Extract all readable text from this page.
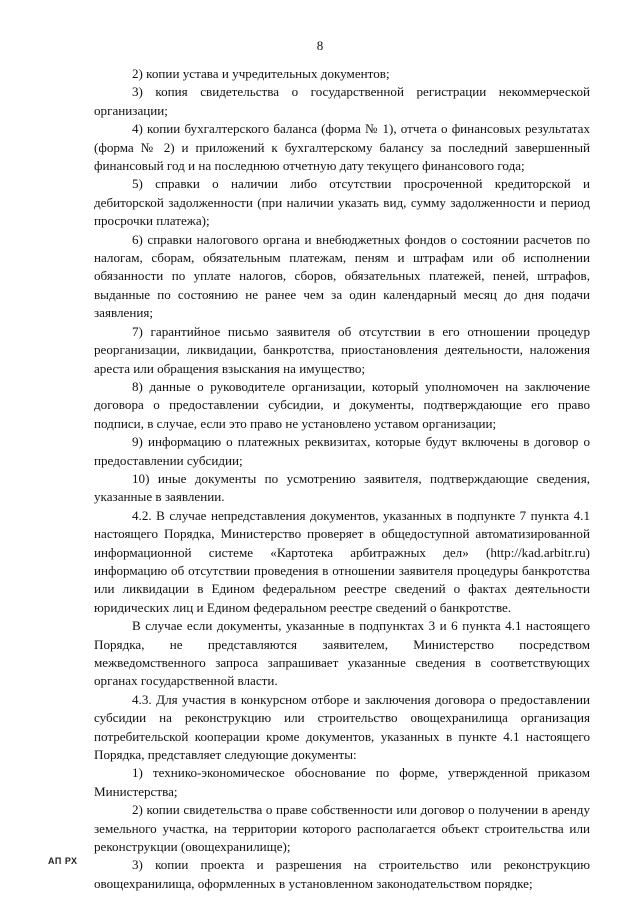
8

2) копии устава и учредительных документов;

3) копия свидетельства о государственной регистрации некоммерческой организации;

4) копии бухгалтерского баланса (форма № 1), отчета о финансовых результатах (форма № 2) и приложений к бухгалтерскому балансу за последний завершенный финансовый год и на последнюю отчетную дату текущего финансового года;

5) справки о наличии либо отсутствии просроченной кредиторской и дебиторской задолженности (при наличии указать вид, сумму задолженности и период просрочки платежа);

6) справки налогового органа и внебюджетных фондов о состоянии расчетов по налогам, сборам, обязательным платежам, пеням и штрафам или об исполнении обязанности по уплате налогов, сборов, обязательных платежей, пеней, штрафов, выданные по состоянию не ранее чем за один календарный месяц до дня подачи заявления;

7) гарантийное письмо заявителя об отсутствии в его отношении процедур реорганизации, ликвидации, банкротства, приостановления деятельности, наложения ареста или обращения взыскания на имущество;

8) данные о руководителе организации, который уполномочен на заключение договора о предоставлении субсидии, и документы, подтверждающие его право подписи, в случае, если это право не установлено уставом организации;

9) информацию о платежных реквизитах, которые будут включены в договор о предоставлении субсидии;

10) иные документы по усмотрению заявителя, подтверждающие сведения, указанные в заявлении.

4.2. В случае непредставления документов, указанных в подпункте 7 пункта 4.1 настоящего Порядка, Министерство проверяет в общедоступной автоматизированной информационной системе «Картотека арбитражных дел» (http://kad.arbitr.ru) информацию об отсутствии проведения в отношении заявителя процедуры банкротства или ликвидации в Едином федеральном реестре сведений о фактах деятельности юридических лиц и Едином федеральном реестре сведений о банкротстве.

В случае если документы, указанные в подпунктах 3 и 6 пункта 4.1 настоящего Порядка, не представляются заявителем, Министерство посредством межведомственного запроса запрашивает указанные сведения в соответствующих органах государственной власти.

4.3. Для участия в конкурсном отборе и заключения договора о предоставлении субсидии на реконструкцию или строительство овощехранилища организация потребительской кооперации кроме документов, указанных в пункте 4.1 настоящего Порядка, представляет следующие документы:

1) технико-экономическое обоснование по форме, утвержденной приказом Министерства;

2) копии свидетельства о праве собственности или договор о получении в аренду земельного участка, на территории которого располагается объект строительства или реконструкции (овощехранилище);

3) копии проекта и разрешения на строительство или реконструкцию овощехранилища, оформленных в установленном законодательством порядке;

АП РХ
